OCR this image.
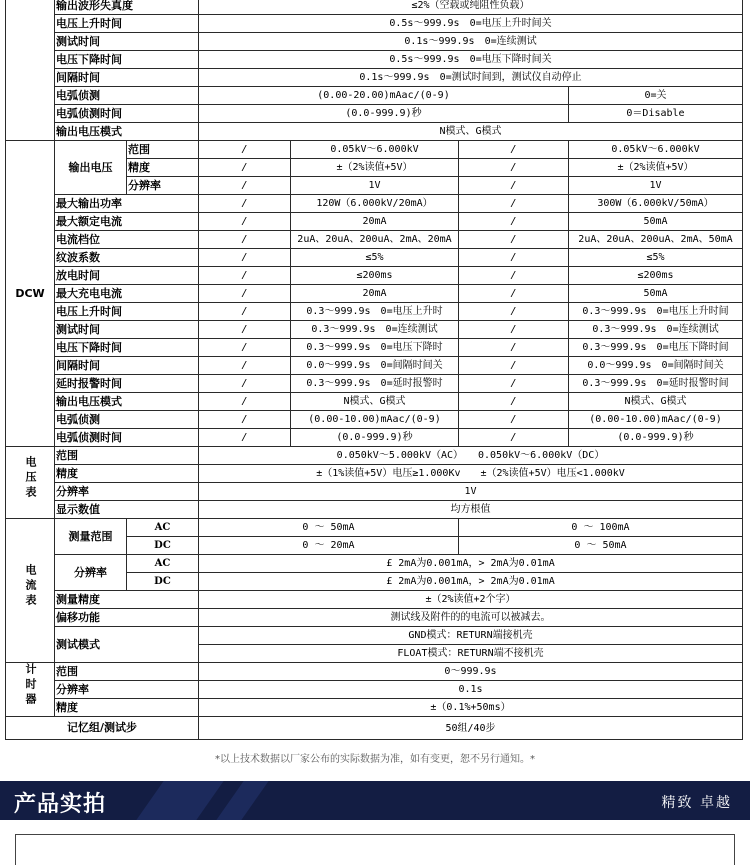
	输出波形失真度		≤2%（空载或纯阻性负载）			
	电压上升时间		0.5s～999.9s　0=电压上升时间关			
	测试时间		0.1s～999.9s　0=连续测试			
	电压下降时间		0.5s～999.9s　0=电压下降时间关			
	间隔时间		0.1s～999.9s　0=测试时间到，测试仪自动停止			
	电弧侦测		(0.00-20.00)mAac/(0-9)			0=关
	电弧侦测时间		(0.0-999.9)秒			0＝Disable
	输出电压模式		N模式、G模式			
DCW	输出电压	范围	/	0.05kV～6.000kV	/	0.05kV～6.000kV
		精度	/	±（2%读值+5V）	/	±（2%读值+5V）
		分辨率	/	1V	/	1V
	最大输出功率		/	120W（6.000kV/20mA）	/	300W（6.000kV/50mA）
	最大额定电流		/	20mA	/	50mA
	电流档位		/	2uA、20uA、200uA、2mA、20mA	/	2uA、20uA、200uA、2mA、50mA
	纹波系数		/	≤5%	/	≤5%
	放电时间		/	≤200ms	/	≤200ms
	最大充电电流		/	20mA	/	50mA
	电压上升时间		/	0.3～999.9s　0=电压上升时	/	0.3～999.9s　0=电压上升时间
	测试时间		/	0.3～999.9s　0=连续测试	/	0.3～999.9s　0=连续测试
	电压下降时间		/	0.3～999.9s　0=电压下降时	/	0.3～999.9s　0=电压下降时间
	间隔时间		/	0.0～999.9s　0=间隔时间关	/	0.0～999.9s　0=间隔时间关
	延时报警时间		/	0.3～999.9s　0=延时报警时	/	0.3～999.9s　0=延时报警时间
	输出电压模式		/	N模式、G模式	/	N模式、G模式
	电弧侦测		/	(0.00-10.00)mAac/(0-9)	/	(0.00-10.00)mAac/(0-9)
	电弧侦测时间		/	(0.0-999.9)秒	/	(0.0-999.9)秒
电压表	范围		0.050kV～5.000kV（AC）　　0.050kV～6.000kV（DC）			
	精度		±（1%读值+5V）电压≥1.000Kv　　±（2%读值+5V）电压<1.000kV			
	分辨率		1V			
	显示数值		均方根值			
电流表	测量范围	AC	0 ～ 50mA		0 ～ 100mA	
		DC	0 ～ 20mA		0 ～ 50mA	
	分辨率	AC	£ 2mA为0.001mA，> 2mA为0.01mA			
		DC	£ 2mA为0.001mA，> 2mA为0.01mA			
	测量精度		±（2%读值+2个字）			
	偏移功能		测试线及附件的的电流可以被减去。			
	测试模式		GND模式：RETURN端接机壳			
			FLOAT模式：RETURN端不接机壳			
计时器	范围		0～999.9s			
	分辨率		0.1s			
	精度		±（0.1%+50ms）			
记忆组/测试步			50组/40步			
*以上技术数据以厂家公布的实际数据为准，如有变更，恕不另行通知。*
产品实拍	精致 卓越
